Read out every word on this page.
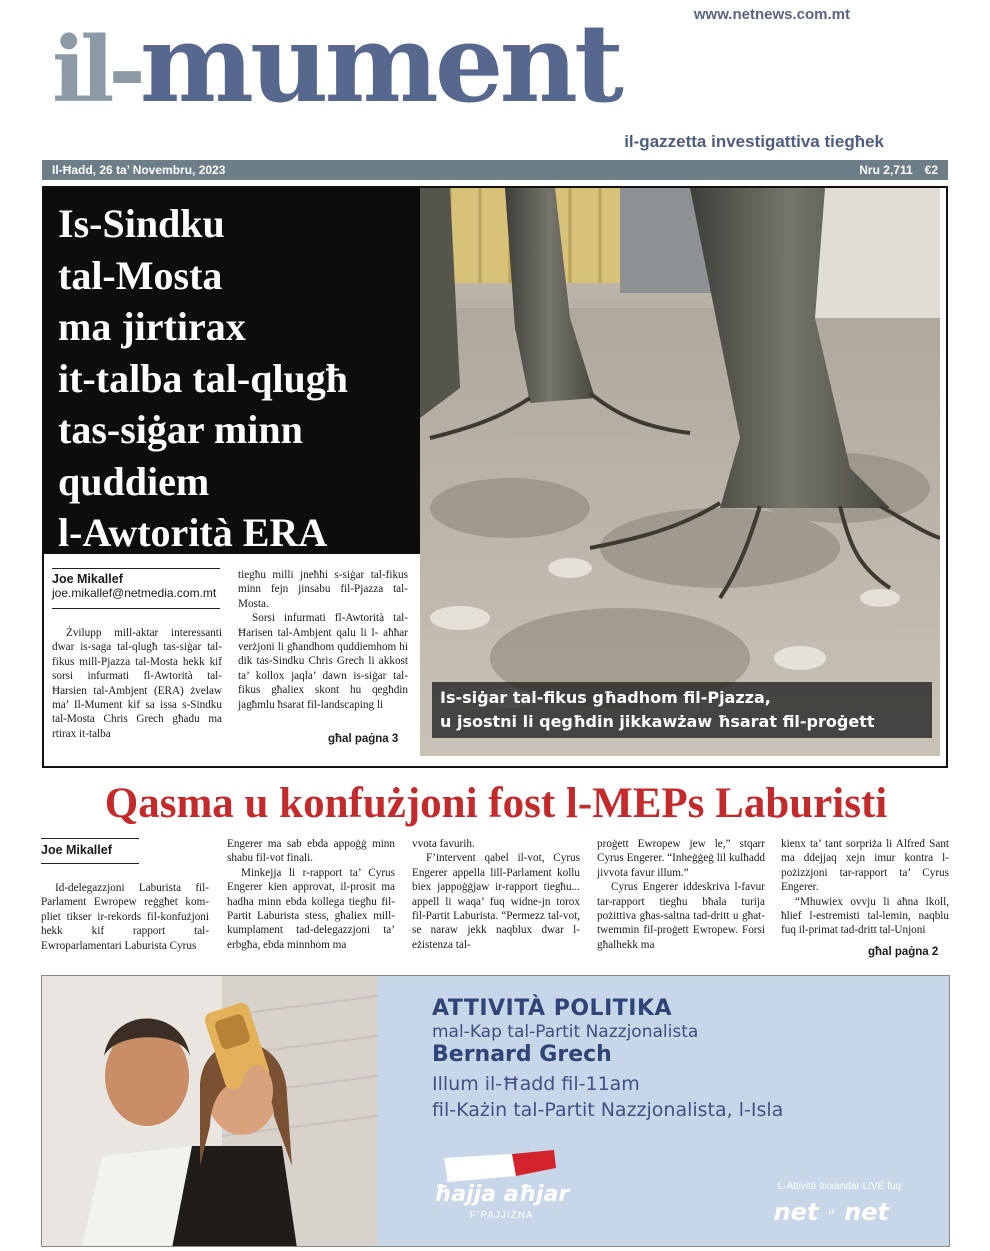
www.netnews.com.mt
il- mument
il-gazzetta investigattiva tiegħek
Il-Ħadd, 26 ta’ Novembru, 2023	Nru 2,711 €2
Is-Sindku
tal-Mosta
ma jirtirax
it-talba tal-qlugħ
tas-siġar minn
quddiem
l-Awtorità ERA
Joe Mikallef
joe.mikallef@netmedia.com.mt

Żvilupp mill-aktar interessanti dwar is-saga tal-qlugħ tas-siġar tal-fikus mill-Pjazza tal-Mosta hekk kif sorsi infurmati fl-Awtorità tal-Ħarsien tal-Ambjent (ERA) żvelaw ma’ Il-Mument kif sa issa s-Sindku tal-Mosta Chris Grech għadu ma rtirax it-talba

tiegħu milli jneħħi s-siġar tal-fikus minn fejn jinsabu fil-Pjazza tal-Mosta.

Sorsi infurmati fl-Awtorità tal-Ħarisen tal-Ambjent qalu li l- aħħar verżjoni li għandhom quddiemhom hi dik tas-Sindku Chris Grech li akkost ta’ kollox jaqla’ dawn is-siġar tal-fikus għaliex skont hu qegħdin jagħmlu ħsarat fil-landscaping li

għal paġna 3
Is-siġar tal-fikus għadhom fil-Pjazza,
u jsostni li qegħdin jikkawżaw ħsarat fil-proġett
Qasma u konfużjoni fost l-MEPs Laburisti
Joe Mikallef

Id-delegazzjoni Laburista fil-Parlament Ewropew reġgħet kom- pliet tikser ir-rekords fil-konfużjoni hekk kif rapport tal- Ewroparlamentari Laburista Cyrus

Engerer ma sab ebda appoġġ minn shabu fil-vot finali.

Minkejja li r-rapport ta’ Cyrus Engerer kien approvat, il-prosit ma hadha minn ebda kollega tiegħu fil-Partit Laburista stess, għaliex mill-kumplament tad-delegazzjoni ta’ erbgħa, ebda minnhom ma

vvota favurih.

F’intervent qabel il-vot, Cyrus Engerer appella lill-Parlament kollu biex jappoġġjaw ir-rapport tiegħu... appell li waqa’ fuq widne-jn torox fil-Partit Laburista. “Permezz tal-vot, se naraw jekk naqblux dwar l-eżistenza tal-

proġett Ewropew jew le,” stqarr Cyrus Engerer. “Inheġġeġ lil kulħadd jivvota favur illum.”

Cyrus Engerer iddeskriva l-favur tar-rapport tiegħu bħala turija pożittiva għas-saltna tad-dritt u għat-twemmin fil-proġett Ewropew. Forsi għalhekk ma

kienx ta’ tant sorpriża li Alfred Sant ma ddejjaq xejn imur kontra l-pożizzjoni tar-rapport ta’ Cyrus Engerer.

“Mhuwiex ovvju li aħna lkoll, ħlief l-estremisti tal-lemin, naqblu fuq il-primat tad-dritt tal-Unjoni

għal paġna 2
ATTIVITÀ POLITIKA
mal-Kap tal-Partit Nazzjonalista
Bernard Grech
Illum il-Ħadd fil-11am
fil-Każin tal-Partit Nazzjonalista, l-Isla
ħajja aħjar
F’PAJJIŻNA
L-Attività tixxandar LIVE fuq
net u net
